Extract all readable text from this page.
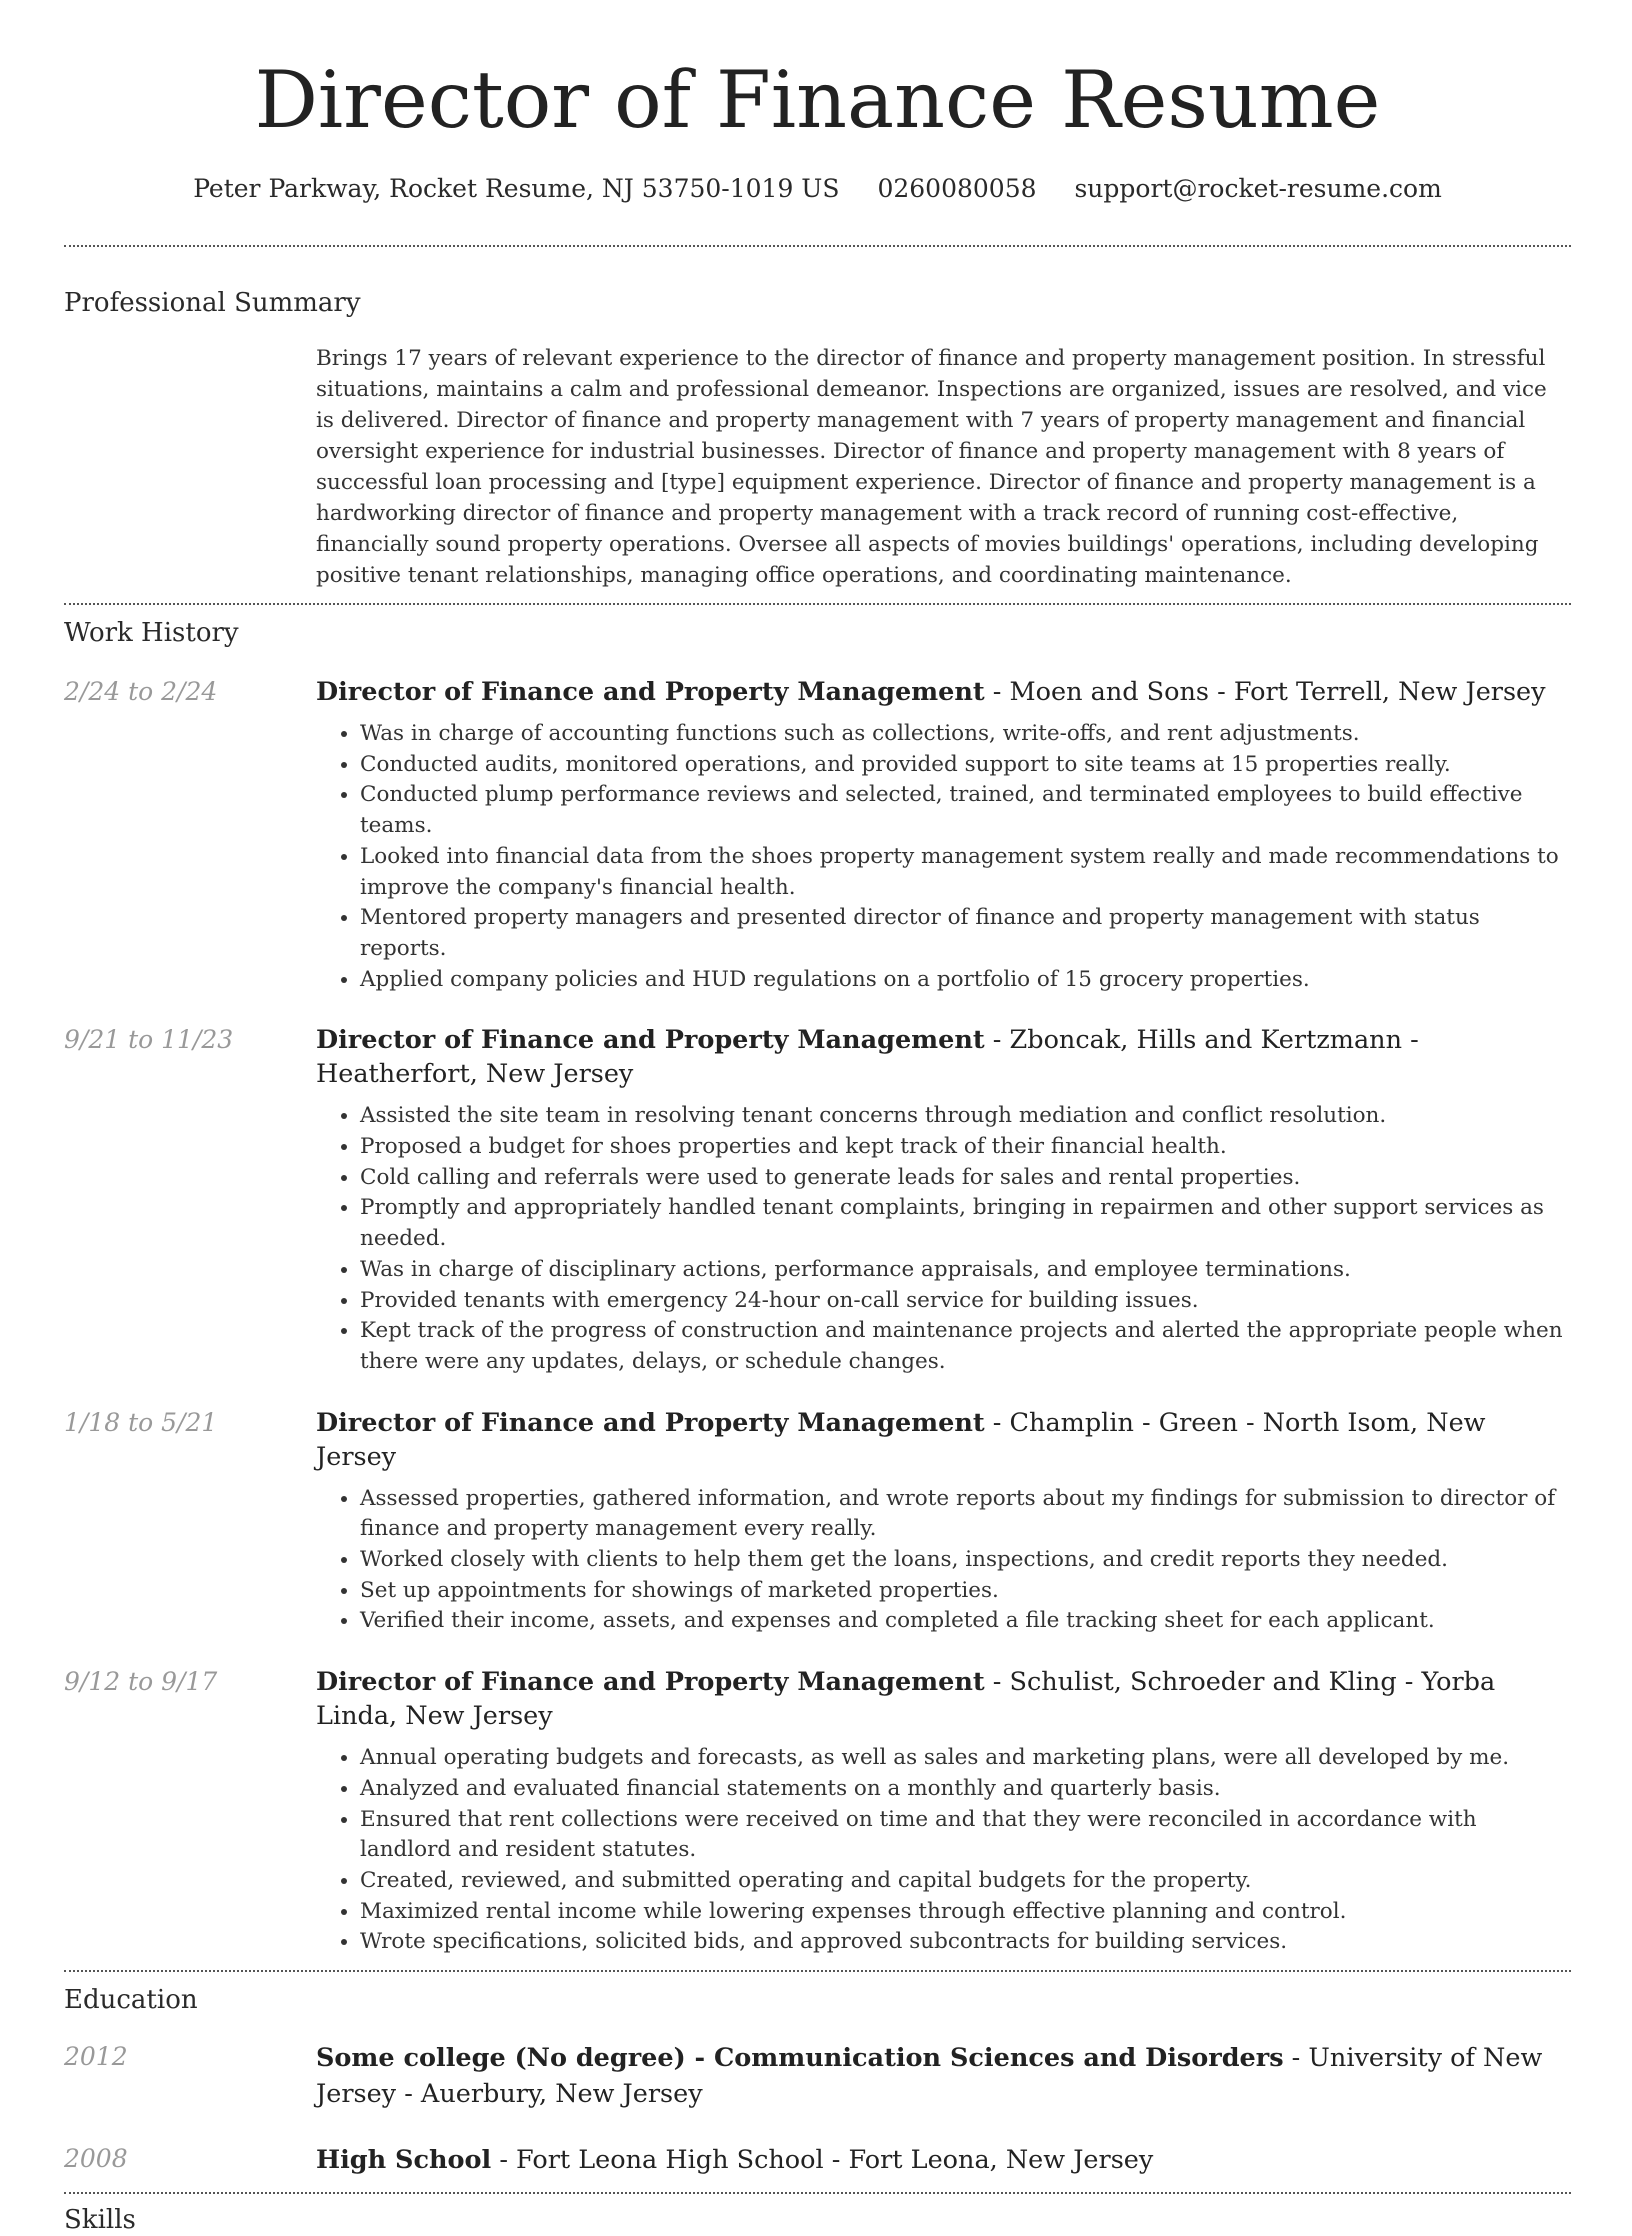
Director of Finance Resume
Peter Parkway, Rocket Resume, NJ 53750-1019 US 0260080058 support@rocket-resume.com
Professional Summary
Brings 17 years of relevant experience to the director of finance and property management position. In stressful situations, maintains a calm and professional demeanor. Inspections are organized, issues are resolved, and vice is delivered. Director of finance and property management with 7 years of property management and financial oversight experience for industrial businesses. Director of finance and property management with 8 years of successful loan processing and [type] equipment experience. Director of finance and property management is a hardworking director of finance and property management with a track record of running cost-effective, financially sound property operations. Oversee all aspects of movies buildings' operations, including developing positive tenant relationships, managing office operations, and coordinating maintenance.
Work History
2/24 to 2/24	Director of Finance and Property Management - Moen and Sons - Fort Terrell, New Jersey
• Was in charge of accounting functions such as collections, write-offs, and rent adjustments.
• Conducted audits, monitored operations, and provided support to site teams at 15 properties really.
• Conducted plump performance reviews and selected, trained, and terminated employees to build effective teams.
• Looked into financial data from the shoes property management system really and made recommendations to improve the company's financial health.
• Mentored property managers and presented director of finance and property management with status reports.
• Applied company policies and HUD regulations on a portfolio of 15 grocery properties.
9/21 to 11/23	Director of Finance and Property Management - Zboncak, Hills and Kertzmann - Heatherfort, New Jersey
• Assisted the site team in resolving tenant concerns through mediation and conflict resolution.
• Proposed a budget for shoes properties and kept track of their financial health.
• Cold calling and referrals were used to generate leads for sales and rental properties.
• Promptly and appropriately handled tenant complaints, bringing in repairmen and other support services as needed.
• Was in charge of disciplinary actions, performance appraisals, and employee terminations.
• Provided tenants with emergency 24-hour on-call service for building issues.
• Kept track of the progress of construction and maintenance projects and alerted the appropriate people when there were any updates, delays, or schedule changes.
1/18 to 5/21	Director of Finance and Property Management - Champlin - Green - North Isom, New Jersey
• Assessed properties, gathered information, and wrote reports about my findings for submission to director of finance and property management every really.
• Worked closely with clients to help them get the loans, inspections, and credit reports they needed.
• Set up appointments for showings of marketed properties.
• Verified their income, assets, and expenses and completed a file tracking sheet for each applicant.
9/12 to 9/17	Director of Finance and Property Management - Schulist, Schroeder and Kling - Yorba Linda, New Jersey
• Annual operating budgets and forecasts, as well as sales and marketing plans, were all developed by me.
• Analyzed and evaluated financial statements on a monthly and quarterly basis.
• Ensured that rent collections were received on time and that they were reconciled in accordance with landlord and resident statutes.
• Created, reviewed, and submitted operating and capital budgets for the property.
• Maximized rental income while lowering expenses through effective planning and control.
• Wrote specifications, solicited bids, and approved subcontracts for building services.
Education
2012	Some college (No degree) - Communication Sciences and Disorders - University of New Jersey - Auerbury, New Jersey
2008	High School - Fort Leona High School - Fort Leona, New Jersey
Skills
